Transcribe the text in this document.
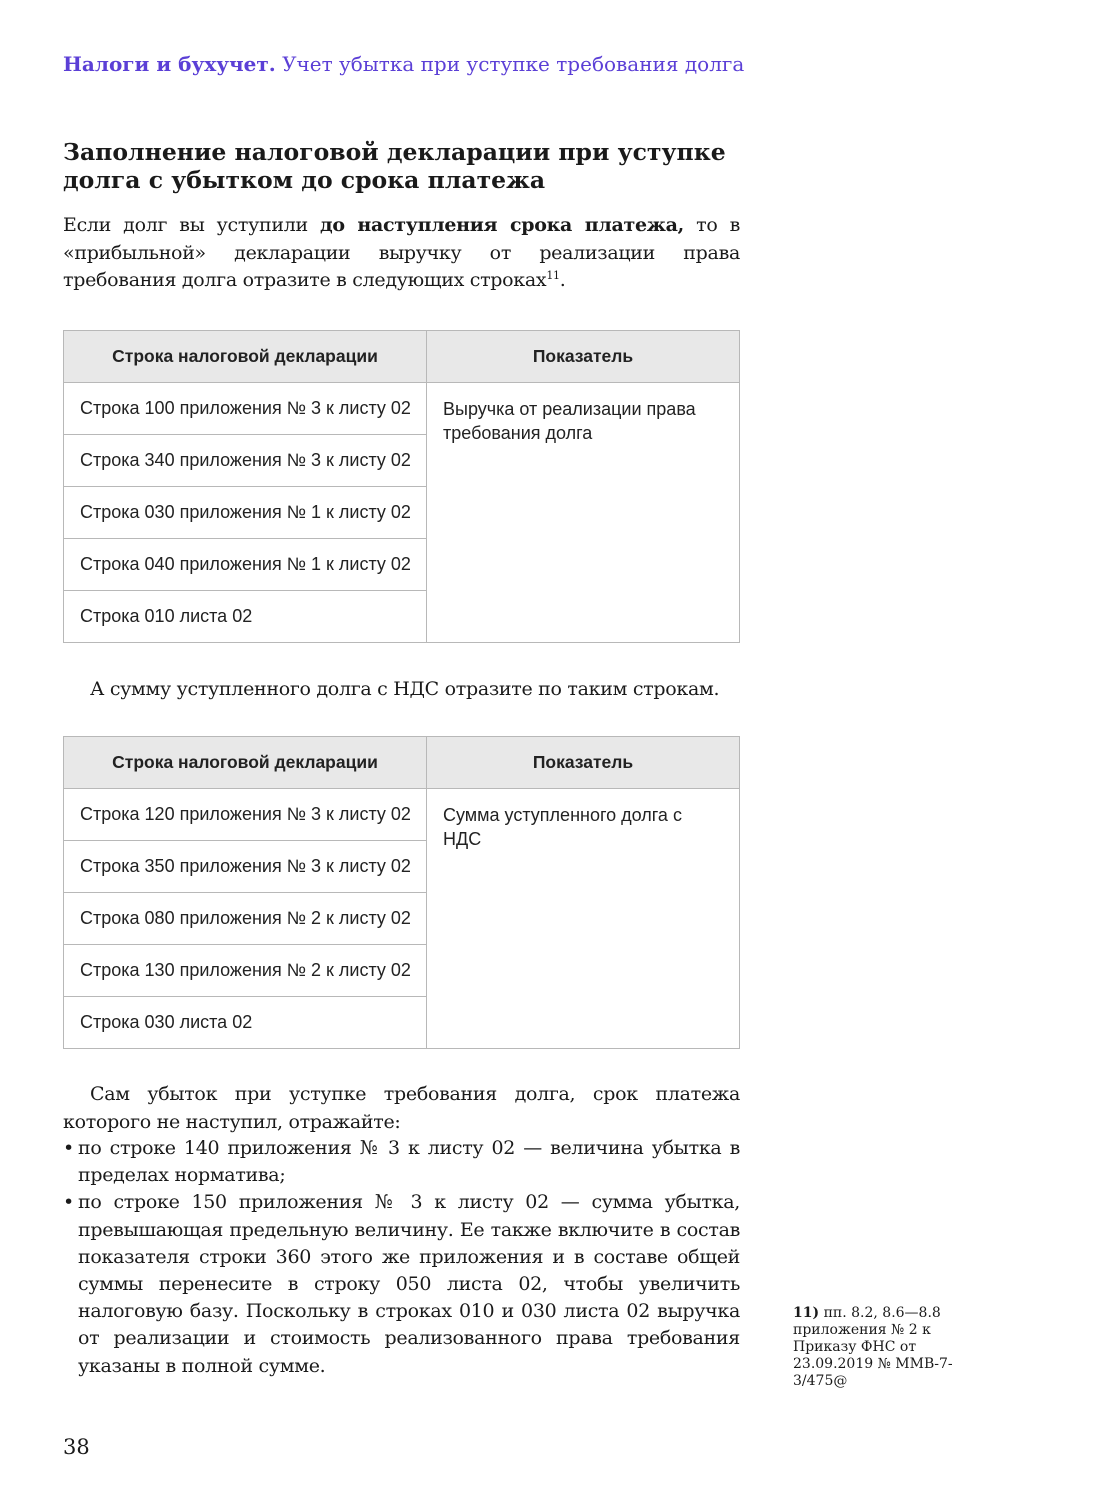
Налоги и бухучет. Учет убытка при уступке требования долга
Заполнение налоговой декларации при уступке
долга с убытком до срока платежа
Если долг вы уступили до наступления срока платежа, то в «прибыльной» декларации выручку от реализации права требования долга отразите в следующих строках$^{11}$.
Строка налоговой декларации	Показатель
Строка 100 приложения № 3 к листу 02	Выручка от реализации права требования долга
Строка 340 приложения № 3 к листу 02	
Строка 030 приложения № 1 к листу 02	
Строка 040 приложения № 1 к листу 02	
Строка 010 листа 02	
А сумму уступленного долга с НДС отразите по таким строкам.
Строка налоговой декларации	Показатель
Строка 120 приложения № 3 к листу 02	Сумма уступленного долга с НДС
Строка 350 приложения № 3 к листу 02	
Строка 080 приложения № 2 к листу 02	
Строка 130 приложения № 2 к листу 02	
Строка 030 листа 02	
Сам убыток при уступке требования долга, срок платежа которого не наступил, отражайте:
• по строке 140 приложения № 3 к листу 02 — величина убытка в пределах норматива;
• по строке 150 приложения № 3 к листу 02 — сумма убытка, превышающая предельную величину. Ее также включите в состав показателя строки 360 этого же приложения и в составе общей суммы перенесите в строку 050 листа 02, чтобы увеличить налоговую базу. Поскольку в строках 010 и 030 листа 02 выручка от реализации и стоимость реализованного права требования указаны в полной сумме.
11) пп. 8.2, 8.6—8.8 приложения № 2 к Приказу ФНС от 23.09.2019 № ММВ-7-3/475@
38
